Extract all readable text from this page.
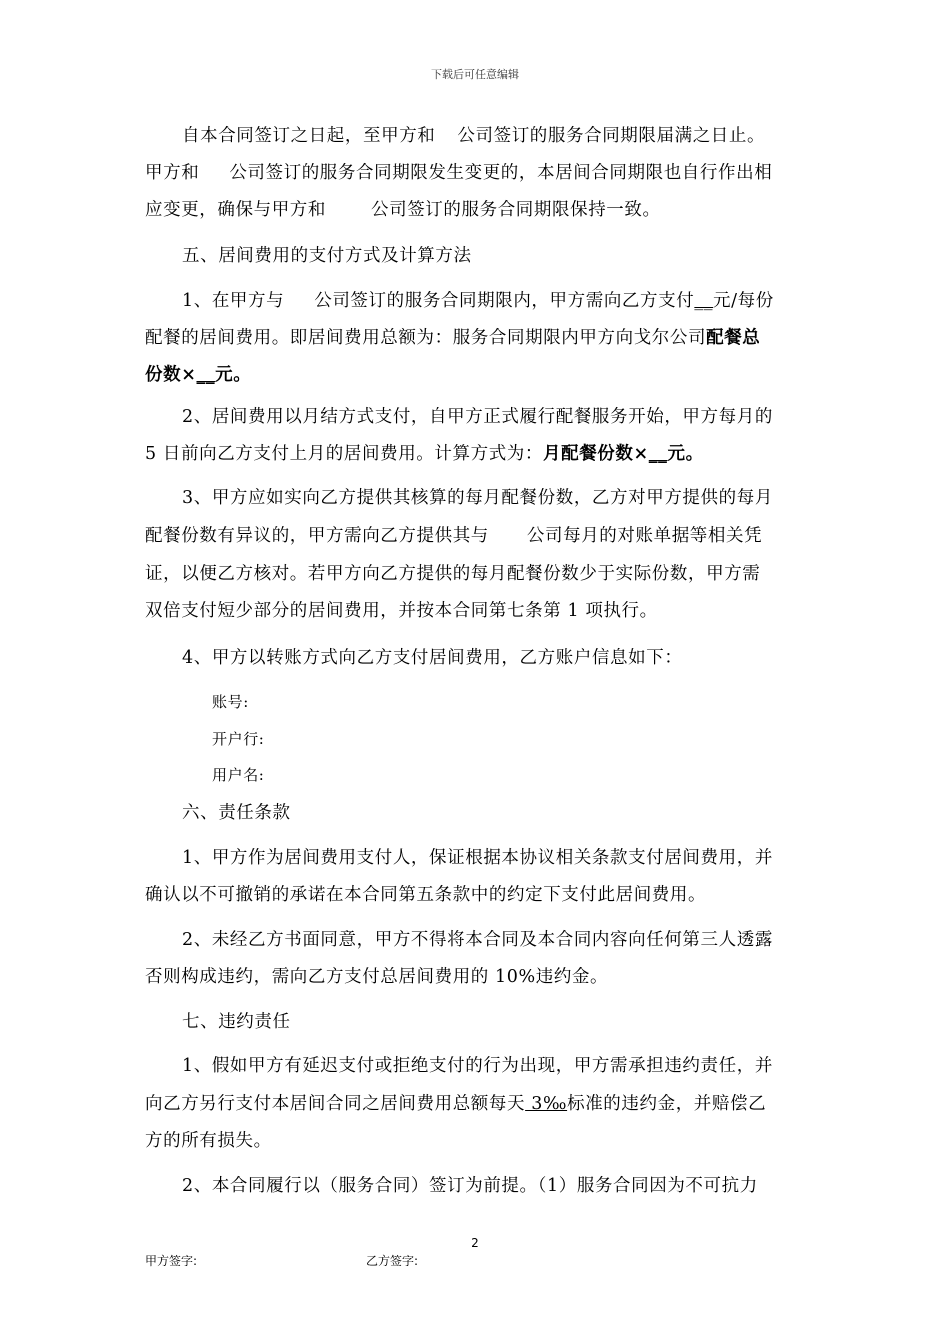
下载后可任意编辑
自本合同签订之日起，至甲方和 公司签订的服务合同期限届满之日止。
甲方和 公司签订的服务合同期限发生变更的，本居间合同期限也自行作出相
应变更，确保与甲方和	公司签订的服务合同期限保持一致。
五、居间费用的支付方式及计算方法
1、在甲方与 公司签订的服务合同期限内，甲方需向乙方支付__元/每份
配餐的居间费用。即居间费用总额为：服务合同期限内甲方向戈尔公司配餐总
份数×__元。
2、居间费用以月结方式支付，自甲方正式履行配餐服务开始，甲方每月的
5 日前向乙方支付上月的居间费用。计算方式为：月配餐份数×__元。
3、甲方应如实向乙方提供其核算的每月配餐份数，乙方对甲方提供的每月
配餐份数有异议的，甲方需向乙方提供其与 公司每月的对账单据等相关凭
证，以便乙方核对。若甲方向乙方提供的每月配餐份数少于实际份数，甲方需
双倍支付短少部分的居间费用，并按本合同第七条第 1 项执行。
4、甲方以转账方式向乙方支付居间费用，乙方账户信息如下：
账号:
开户行:
用户名:
六、责任条款
1、甲方作为居间费用支付人，保证根据本协议相关条款支付居间费用，并
确认以不可撤销的承诺在本合同第五条款中的约定下支付此居间费用。
2、未经乙方书面同意，甲方不得将本合同及本合同内容向任何第三人透露
否则构成违约，需向乙方支付总居间费用的 10%违约金。
七、违约责任
1、假如甲方有延迟支付或拒绝支付的行为出现，甲方需承担违约责任，并
向乙方另行支付本居间合同之居间费用总额每天 3‰标准的违约金，并赔偿乙
方的所有损失。
2、本合同履行以（服务合同）签订为前提。（1）服务合同因为不可抗力
2
甲方签字:	乙方签字:
